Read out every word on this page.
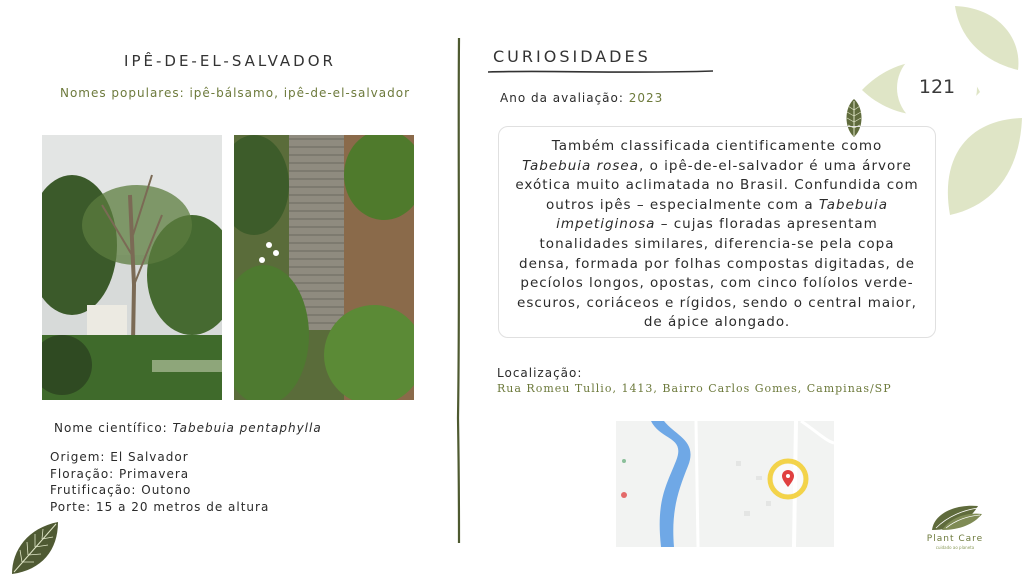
IPÊ-DE-EL-SALVADOR
Nomes populares: ipê-bálsamo, ipê-de-el-salvador
Nome científico: Tabebuia pentaphylla
Origem: El Salvador
Floração: Primavera
Frutificação: Outono
Porte: 15 a 20 metros de altura
CURIOSIDADES
Ano da avaliação: 2023
Também classificada cientificamente como Tabebuia rosea, o ipê-de-el-salvador é uma árvore exótica muito aclimatada no Brasil. Confundida com outros ipês – especialmente com a Tabebuia impetiginosa – cujas floradas apresentam tonalidades similares, diferencia-se pela copa densa, formada por folhas compostas digitadas, de pecíolos longos, opostas, com cinco folíolos verde-escuros, coriáceos e rígidos, sendo o central maior, de ápice alongado.
Localização:
Rua Romeu Tullio, 1413, Bairro Carlos Gomes, Campinas/SP
121
Plant Care
cuidado ao planeta
